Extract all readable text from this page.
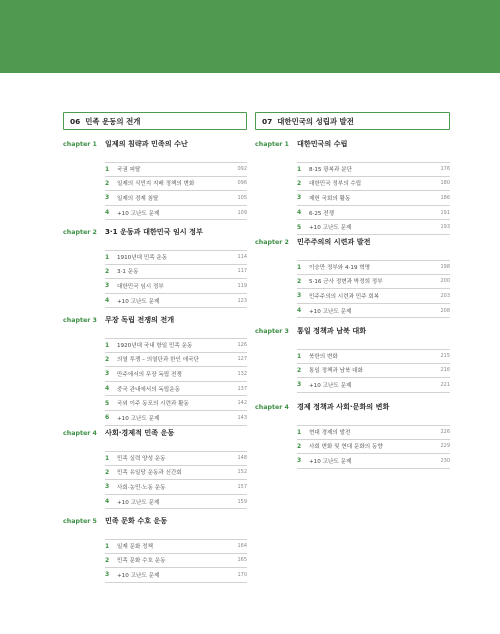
06 민족 운동의 전개
chapter 1	일제의 침략과 민족의 수난
1	국권 피탈	092
2	일제의 식민지 지배 정책의 변화	096
3	일제의 경제 침탈	105
4	+10 고난도 문제	109
chapter 2	3·1 운동과 대한민국 임시 정부
1	1910년대 민족 운동	114
2	3·1 운동	117
3	대한민국 임시 정부	119
4	+10 고난도 문제	123
chapter 3	무장 독립 전쟁의 전개
1	1920년대 국내 항일 민족 운동	126
2	의열 투쟁 – 의열단과 한인 애국단	127
3	만주에서의 무장 독립 전쟁	132
4	중국 관내에서의 독립운동	137
5	국외 이주 동포의 시련과 활동	142
6	+10 고난도 문제	143
chapter 4	사회·경제적 민족 운동
1	민족 실력 양성 운동	148
2	민족 유일당 운동과 신간회	152
3	사회·농민·노동 운동	157
4	+10 고난도 문제	159
chapter 5	민족 문화 수호 운동
1	일제 문화 정책	164
2	민족 문화 수호 운동	165
3	+10 고난도 문제	170
07 대한민국의 성립과 발전
chapter 1	대한민국의 수립
1	8·15 광복과 분단	176
2	대한민국 정부의 수립	180
3	제헌 국회의 활동	186
4	6·25 전쟁	191
5	+10 고난도 문제	193
chapter 2	민주주의의 시련과 발전
1	이승만 정부와 4·19 혁명	198
2	5·16 군사 정변과 박정희 정부	200
3	민주주의의 시련과 민주 회복	203
4	+10 고난도 문제	208
chapter 3	통일 정책과 남북 대화
1	북한의 변화	215
2	통일 정책과 남북 대화	216
3	+10 고난도 문제	221
chapter 4	경제 정책과 사회·문화의 변화
1	현대 경제의 발전	226
2	사회 변화 및 현대 문화의 동향	229
3	+10 고난도 문제	230
